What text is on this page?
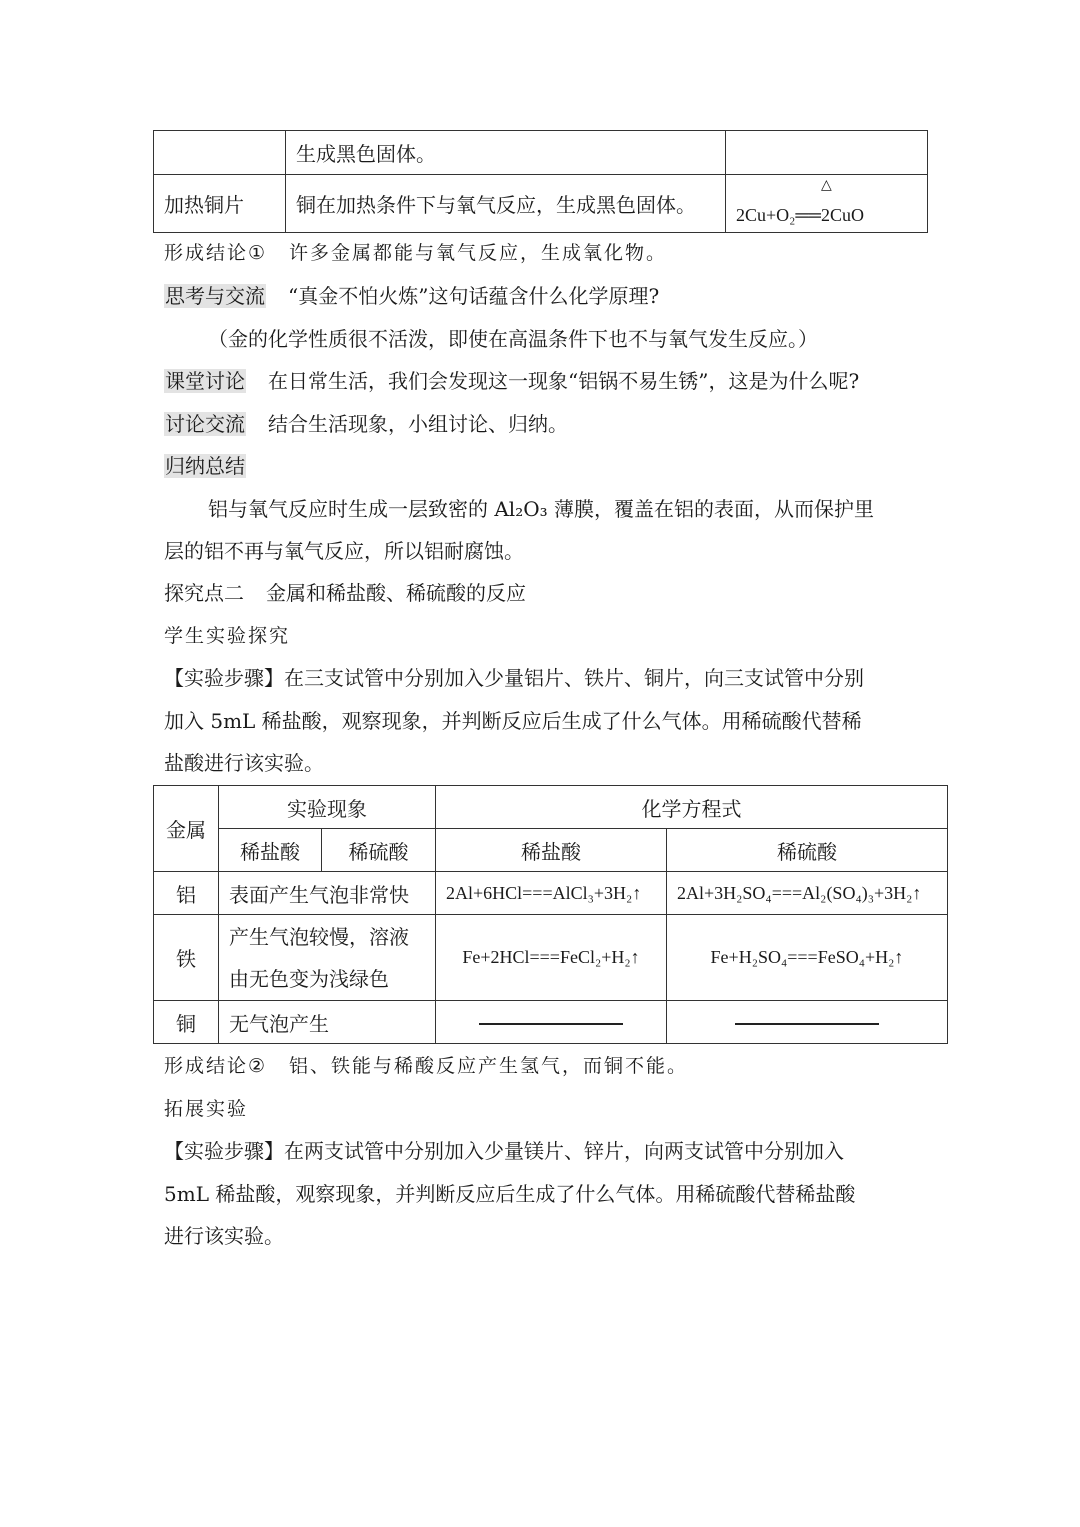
	生成黑色固体。	
加热铜片	铜在加热条件下与氧气反应，生成黑色固体。	△
2Cu+O₂══2CuO
形成结论① 许多金属都能与氧气反应，生成氧化物。
思考与交流 “真金不怕火炼”这句话蕴含什么化学原理?
（金的化学性质很不活泼，即使在高温条件下也不与氧气发生反应。）
课堂讨论 在日常生活，我们会发现这一现象“铝锅不易生锈”，这是为什么呢?
讨论交流 结合生活现象，小组讨论、归纳。
归纳总结
铝与氧气反应时生成一层致密的 Al₂O₃ 薄膜，覆盖在铝的表面，从而保护里
层的铝不再与氧气反应，所以铝耐腐蚀。
探究点二 金属和稀盐酸、稀硫酸的反应
学生实验探究
【实验步骤】在三支试管中分别加入少量铝片、铁片、铜片，向三支试管中分别
加入 5mL 稀盐酸，观察现象，并判断反应后生成了什么气体。用稀硫酸代替稀
盐酸进行该实验。
金属	实验现象		化学方程式	
	稀盐酸	稀硫酸	稀盐酸	稀硫酸
铝	表面产生气泡非常快		2Al+6HCl===AlCl₃+3H₂↑	2Al+3H₂SO₄===Al₂(SO₄)₃+3H₂↑
铁	产生气泡较慢，溶液
由无色变为浅绿色		Fe+2HCl===FeCl₂+H₂↑	Fe+H₂SO₄===FeSO₄+H₂↑
铜	无气泡产生			
形成结论② 铝、铁能与稀酸反应产生氢气，而铜不能。
拓展实验
【实验步骤】在两支试管中分别加入少量镁片、锌片，向两支试管中分别加入
5mL 稀盐酸，观察现象，并判断反应后生成了什么气体。用稀硫酸代替稀盐酸
进行该实验。
